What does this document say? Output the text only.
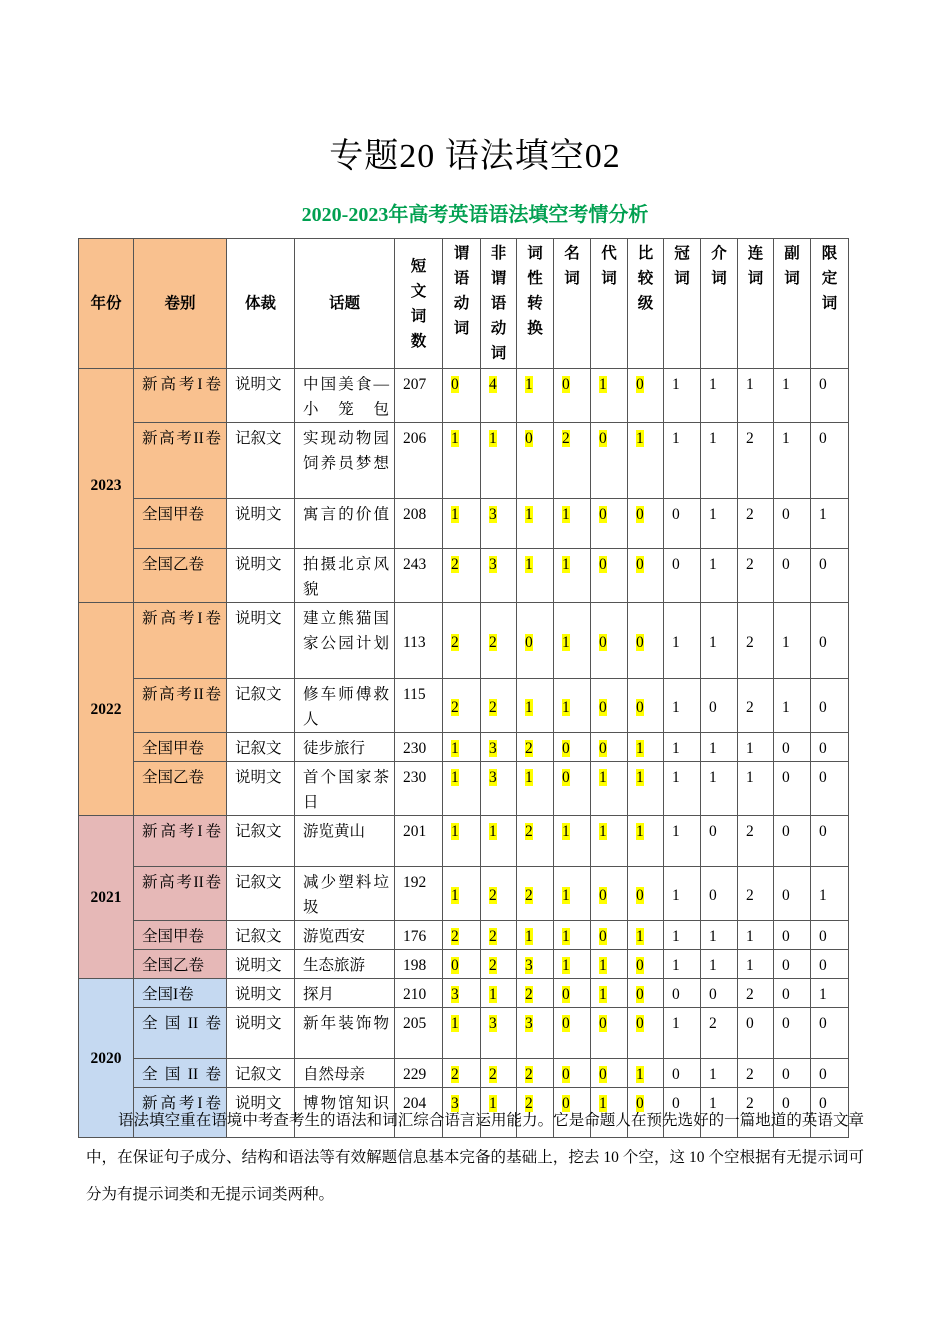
专题20 语法填空02
2020-2023年高考英语语法填空考情分析
年份	卷别	体裁	话题	短文词数	谓语动词	非谓语动词	词性转换	名词	代词	比较级	冠词	介词	连词	副词	限定词

2023	新高考I卷	说明文	中国美食—小笼包	207	0	4	1	0	1	0	1	1	1	1	0
	新高考II卷	记叙文	实现动物园饲养员梦想	206	1	1	0	2	0	1	1	1	2	1	0
	全国甲卷	说明文	寓言的价值	208	1	3	1	1	0	0	0	1	2	0	1
	全国乙卷	说明文	拍摄北京风貌	243	2	3	1	1	0	0	0	1	2	0	0
2022	新高考I卷	说明文	建立熊猫国家公园计划	113	2	2	0	1	0	0	1	1	2	1	0
	新高考II卷	记叙文	修车师傅救人	115	2	2	1	1	0	0	1	0	2	1	0
	全国甲卷	记叙文	徒步旅行	230	1	3	2	0	0	1	1	1	1	0	0
	全国乙卷	说明文	首个国家茶日	230	1	3	1	0	1	1	1	1	1	0	0
2021	新高考I卷	记叙文	游览黄山	201	1	1	2	1	1	1	1	0	2	0	0
	新高考II卷	记叙文	减少塑料垃圾	192	1	2	2	1	0	0	1	0	2	0	1
	全国甲卷	记叙文	游览西安	176	2	2	1	1	0	1	1	1	1	0	0
	全国乙卷	说明文	生态旅游	198	0	2	3	1	1	0	1	1	1	0	0
2020	全国I卷	说明文	探月	210	3	1	2	0	1	0	0	0	2	0	1
	全国II卷	说明文	新年装饰物	205	1	3	3	0	0	0	1	2	0	0	0
	全国II卷	记叙文	自然母亲	229	2	2	2	0	0	1	0	1	2	0	0
	新高考I卷	说明文	博物馆知识	204	3	1	2	0	1	0	0	1	2	0	0

语法填空重在语境中考查考生的语法和词汇综合语言运用能力。它是命题人在预先选好的一篇地道的英语文章中，在保证句子成分、结构和语法等有效解题信息基本完备的基础上，挖去 10 个空，这 10 个空根据有无提示词可分为有提示词类和无提示词类两种。
